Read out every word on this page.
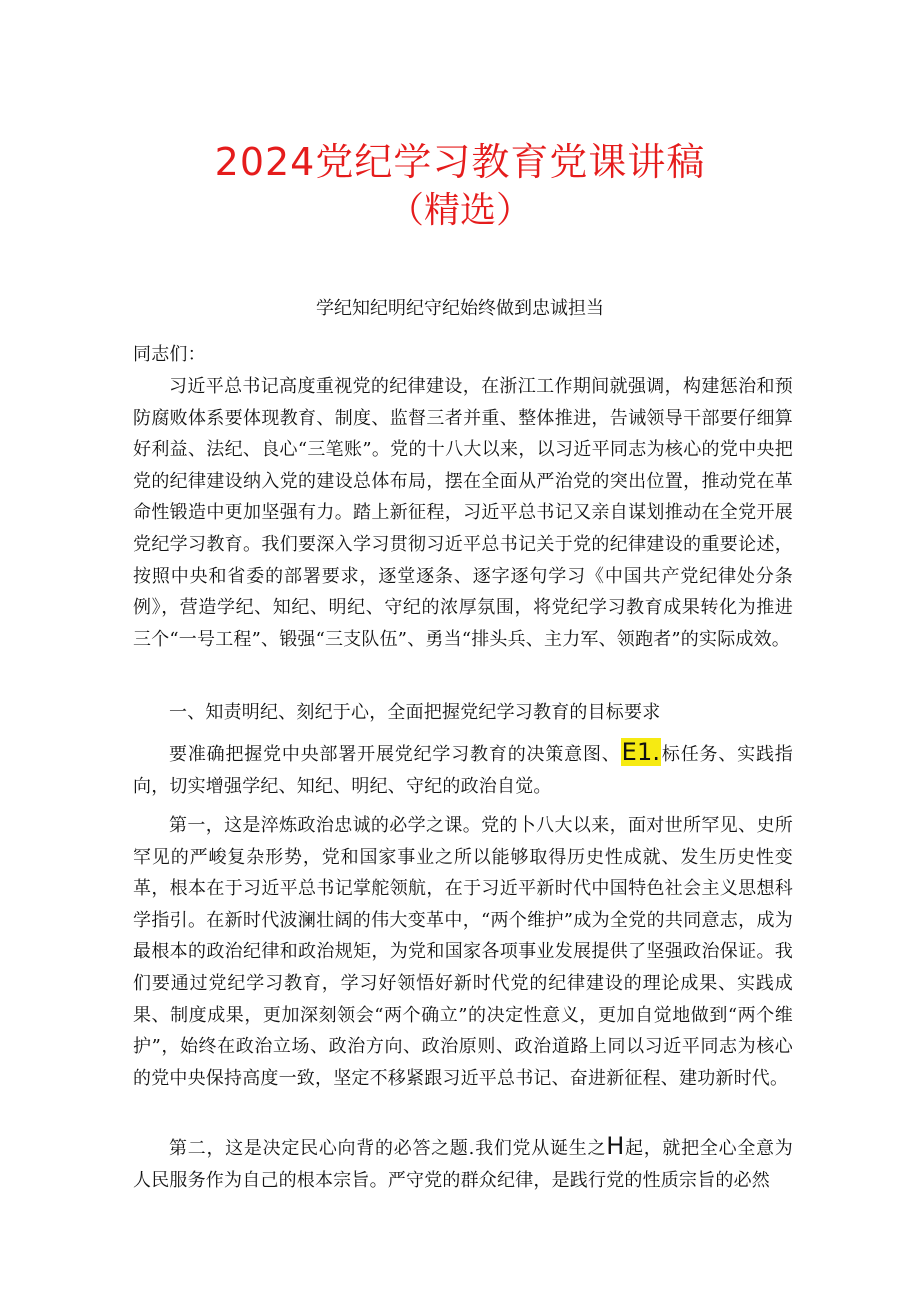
2024党纪学习教育党课讲稿
（精选）
学纪知纪明纪守纪始终做到忠诚担当

同志们：

习近平总书记高度重视党的纪律建设，在浙江工作期间就强调，构建惩治和预防腐败体系要体现教育、制度、监督三者并重、整体推进，告诫领导干部要仔细算好利益、法纪、良心“三笔账”。党的十八大以来，以习近平同志为核心的党中央把党的纪律建设纳入党的建设总体布局，摆在全面从严治党的突出位置，推动党在革命性锻造中更加坚强有力。踏上新征程，习近平总书记又亲自谋划推动在全党开展党纪学习教育。我们要深入学习贯彻习近平总书记关于党的纪律建设的重要论述，按照中央和省委的部署要求，逐堂逐条、逐字逐句学习《中国共产党纪律处分条例》，营造学纪、知纪、明纪、守纪的浓厚氛围，将党纪学习教育成果转化为推进三个“一号工程”、锻强“三支队伍”、勇当“排头兵、主力军、领跑者”的实际成效。

一、知责明纪、刻纪于心，全面把握党纪学习教育的目标要求

要准确把握党中央部署开展党纪学习教育的决策意图、E1.标任务、实践指向，切实增强学纪、知纪、明纪、守纪的政治自觉。

第一，这是淬炼政治忠诚的必学之课。党的卜八大以来，面对世所罕见、史所罕见的严峻复杂形势，党和国家事业之所以能够取得历史性成就、发生历史性变革，根本在于习近平总书记掌舵领航，在于习近平新时代中国特色社会主义思想科学指引。在新时代波澜壮阔的伟大变革中，“两个维护”成为全党的共同意志，成为最根本的政治纪律和政治规矩，为党和国家各项事业发展提供了坚强政治保证。我们要通过党纪学习教育，学习好领悟好新时代党的纪律建设的理论成果、实践成果、制度成果，更加深刻领会“两个确立”的决定性意义，更加自觉地做到“两个维护”，始终在政治立场、政治方向、政治原则、政治道路上同以习近平同志为核心的党中央保持高度一致，坚定不移紧跟习近平总书记、奋进新征程、建功新时代。

第二，这是决定民心向背的必答之题.我们党从诞生之H起，就把全心全意为人民服务作为自己的根本宗旨。严守党的群众纪律，是践行党的性质宗旨的必然
